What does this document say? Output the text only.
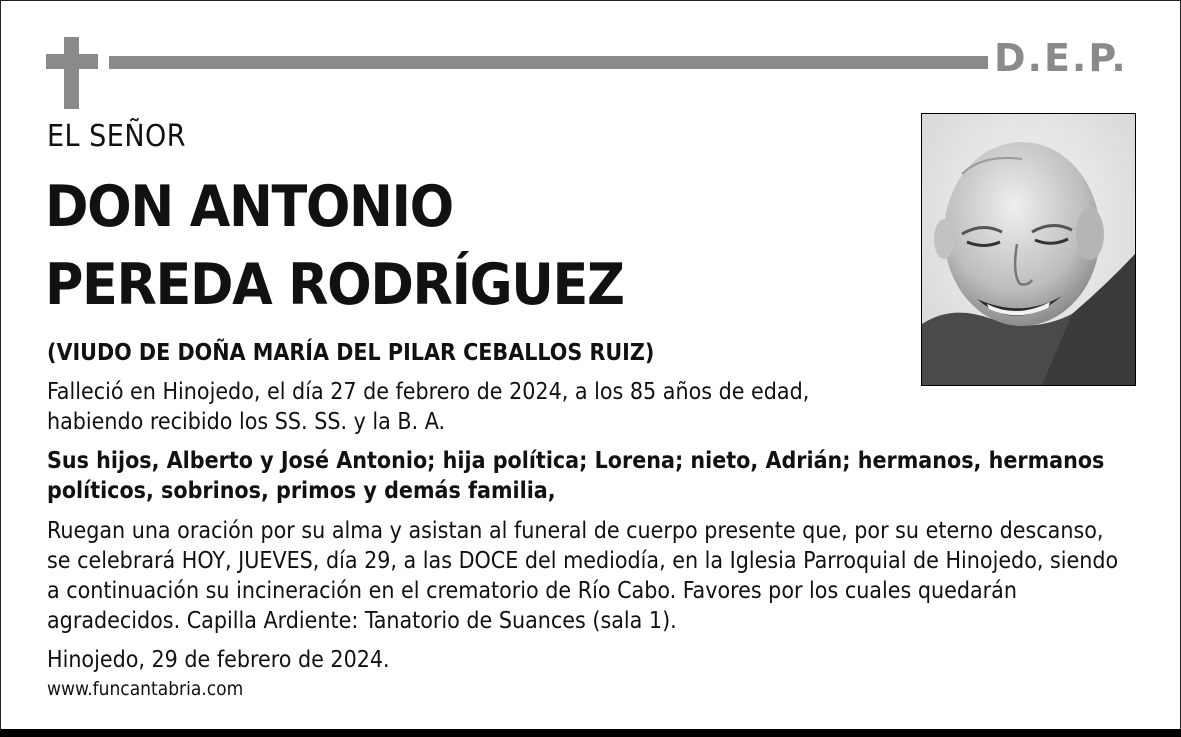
D.E.P.
EL SEÑOR
DON ANTONIO
PEREDA RODRÍGUEZ
(VIUDO DE DOÑA MARÍA DEL PILAR CEBALLOS RUIZ)
Falleció en Hinojedo, el día 27 de febrero de 2024, a los 85 años de edad, habiendo recibido los SS. SS. y la B. A.
Sus hijos, Alberto y José Antonio; hija política; Lorena; nieto, Adrián; hermanos, hermanos políticos, sobrinos, primos y demás familia,
Ruegan una oración por su alma y asistan al funeral de cuerpo presente que, por su eterno descanso, se celebrará HOY, JUEVES, día 29, a las DOCE del mediodía, en la Iglesia Parroquial de Hinojedo, siendo a continuación su incineración en el crematorio de Río Cabo. Favores por los cuales quedarán agradecidos. Capilla Ardiente: Tanatorio de Suances (sala 1).
Hinojedo, 29 de febrero de 2024.
www.funcantabria.com
